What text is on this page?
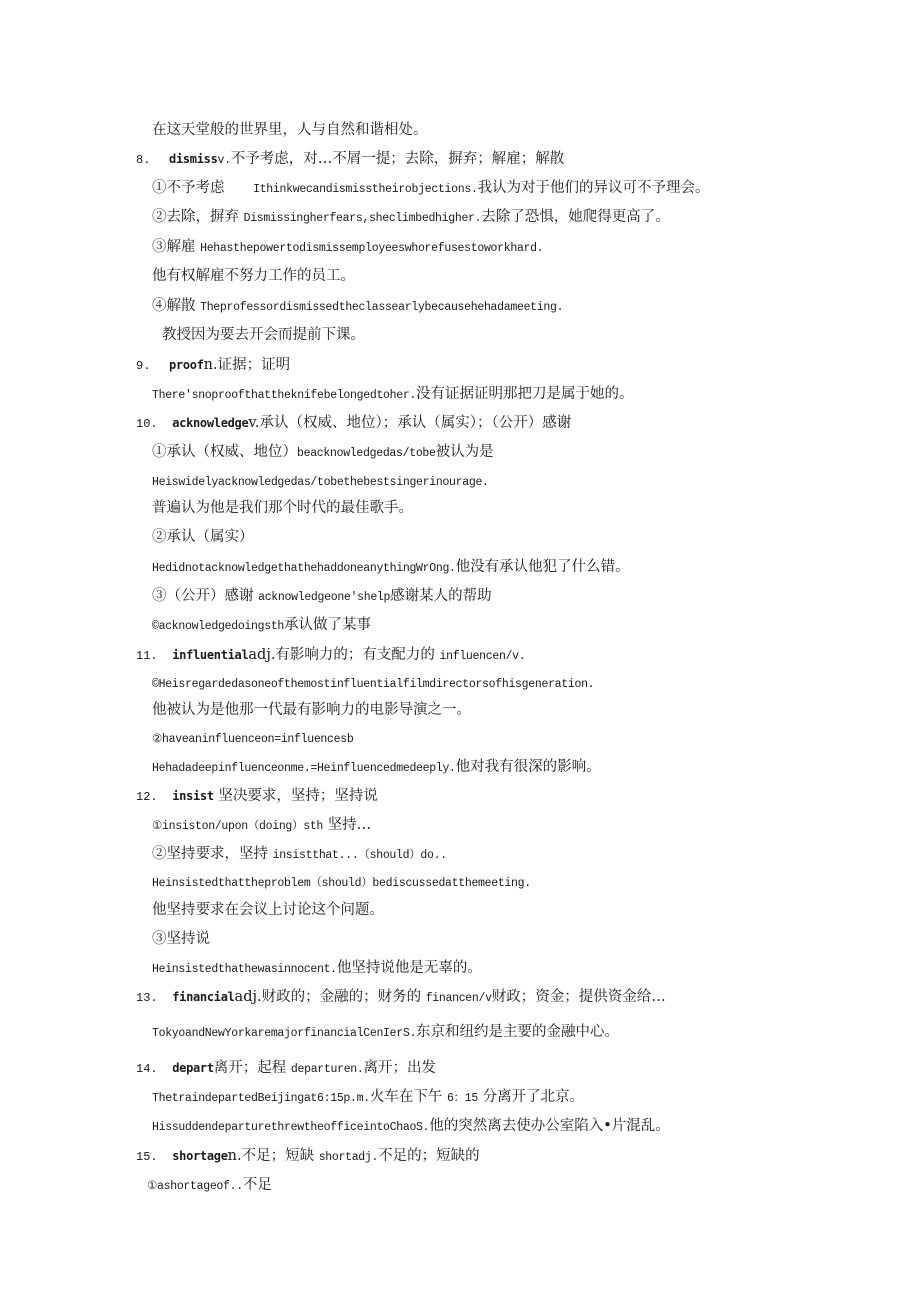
在这天堂般的世界里，人与自然和谐相处。
8. dismissv.不予考虑，对…不屑一提；去除，摒弃；解雇；解散
①不予考虑 Ithinkwecandismisstheirobjections.我认为对于他们的异议可不予理会。
②去除，摒弃 Dismissingherfears,sheclimbedhigher.去除了恐惧，她爬得更高了。
③解雇 Hehasthepowertodismissemployeeswhorefusestoworkhard.
他有权解雇不努力工作的员工。
④解散 Theprofessordismissedtheclassearlybecausehehadameeting.
教授因为要去开会而提前下课。
9. proofn.证据；证明
There'snoproofthattheknifebelongedtoher.没有证据证明那把刀是属于她的。
10. acknowledgev.承认（权威、地位）；承认（属实）；（公开）感谢
①承认（权威、地位）beacknowledgedas/tobe被认为是
Heiswidelyacknowledgedas/tobethebestsingerinourage.
普遍认为他是我们那个时代的最佳歌手。
②承认（属实）
HedidnotacknowledgethathehaddoneanythingWrOng.他没有承认他犯了什么错。
③（公开）感谢 acknowledgeone'shelp感谢某人的帮助
©acknowledgedoingsth承认做了某事
11. influentialadj.有影响力的；有支配力的 influencen/v.
©Heisregardedasoneofthemostinfluentialfilmdirectorsofhisgeneration.
他被认为是他那一代最有影响力的电影导演之一。
②haveaninfluenceon=influencesb
Hehadadeepinfluenceonme.=Heinfluencedmedeeply.他对我有很深的影响。
12. insist 坚决要求，坚持；坚持说
①insiston/upon（doing）sth 坚持…
②坚持要求，坚持 insistthat...（should）do..
Heinsistedthattheproblem（should）bediscussedatthemeeting.
他坚持要求在会议上讨论这个问题。
③坚持说
Heinsistedthathewasinnocent.他坚持说他是无辜的。
13. financialadj.财政的；金融的；财务的 financen/v财政；资金；提供资金给…
TokyoandNewYorkaremajorfinancialCenIerS.东京和纽约是主要的金融中心。
14. depart离开；起程 departuren.离开；出发
ThetraindepartedBeijingat6:15p.m.火车在下午 6：15 分离开了北京。
HissuddendeparturethrewtheofficeintoChaoS.他的突然离去使办公室陷入•片混乱。
15. shortagen.不足；短缺 shortadj.不足的；短缺的
①ashortageof..不足
